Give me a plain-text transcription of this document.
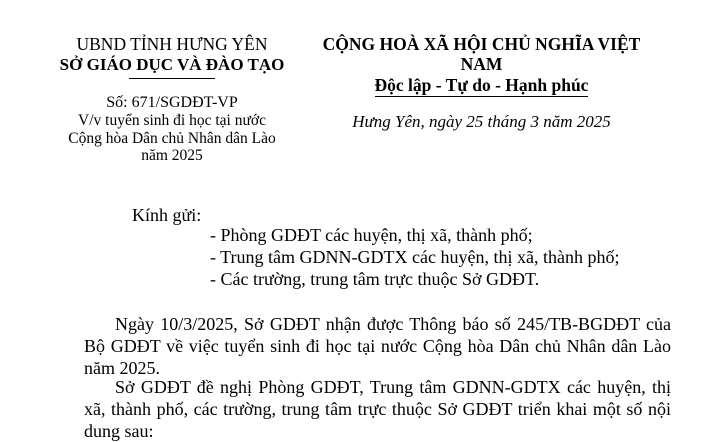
UBND TỈNH HƯNG YÊN
SỞ GIÁO DỤC VÀ ĐÀO TẠO
Số: 671/SGDĐT-VP
V/v tuyển sinh đi học tại nước
Cộng hòa Dân chủ Nhân dân Lào
năm 2025
CỘNG HOÀ XÃ HỘI CHỦ NGHĨA VIỆT NAM
Độc lập - Tự do - Hạnh phúc
Hưng Yên, ngày 25 tháng 3 năm 2025
Kính gửi:
- Phòng GDĐT các huyện, thị xã, thành phố;
- Trung tâm GDNN-GDTX các huyện, thị xã, thành phố;
- Các trường, trung tâm trực thuộc Sở GDĐT.

Ngày 10/3/2025, Sở GDĐT nhận được Thông báo số 245/TB-BGDĐT của Bộ GDĐT về việc tuyển sinh đi học tại nước Cộng hòa Dân chủ Nhân dân Lào năm 2025.

Sở GDĐT đề nghị Phòng GDĐT, Trung tâm GDNN-GDTX các huyện, thị xã, thành phố, các trường, trung tâm trực thuộc Sở GDĐT triển khai một số nội dung sau:
